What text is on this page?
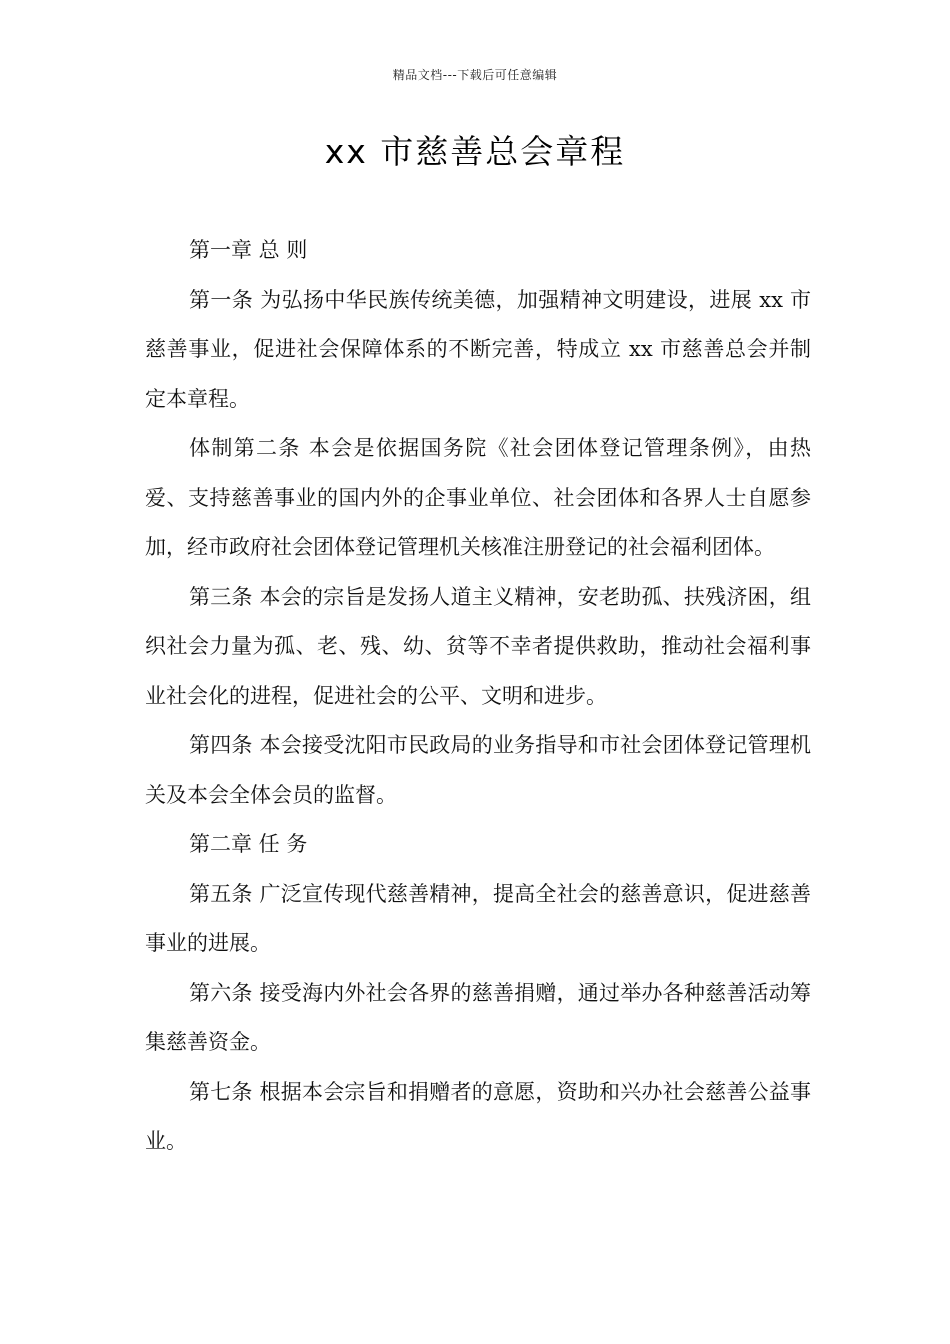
精品文档---下载后可任意编辑
xx 市慈善总会章程

第一章 总 则

第一条 为弘扬中华民族传统美德，加强精神文明建设，进展 xx 市慈善事业，促进社会保障体系的不断完善，特成立 xx 市慈善总会并制定本章程。

体制第二条 本会是依据国务院《社会团体登记管理条例》，由热爱、支持慈善事业的国内外的企事业单位、社会团体和各界人士自愿参加，经市政府社会团体登记管理机关核准注册登记的社会福利团体。

第三条 本会的宗旨是发扬人道主义精神，安老助孤、扶残济困，组织社会力量为孤、老、残、幼、贫等不幸者提供救助，推动社会福利事业社会化的进程，促进社会的公平、文明和进步。

第四条 本会接受沈阳市民政局的业务指导和市社会团体登记管理机关及本会全体会员的监督。

第二章 任 务

第五条 广泛宣传现代慈善精神，提高全社会的慈善意识，促进慈善事业的进展。

第六条 接受海内外社会各界的慈善捐赠，通过举办各种慈善活动筹集慈善资金。

第七条 根据本会宗旨和捐赠者的意愿，资助和兴办社会慈善公益事业。
